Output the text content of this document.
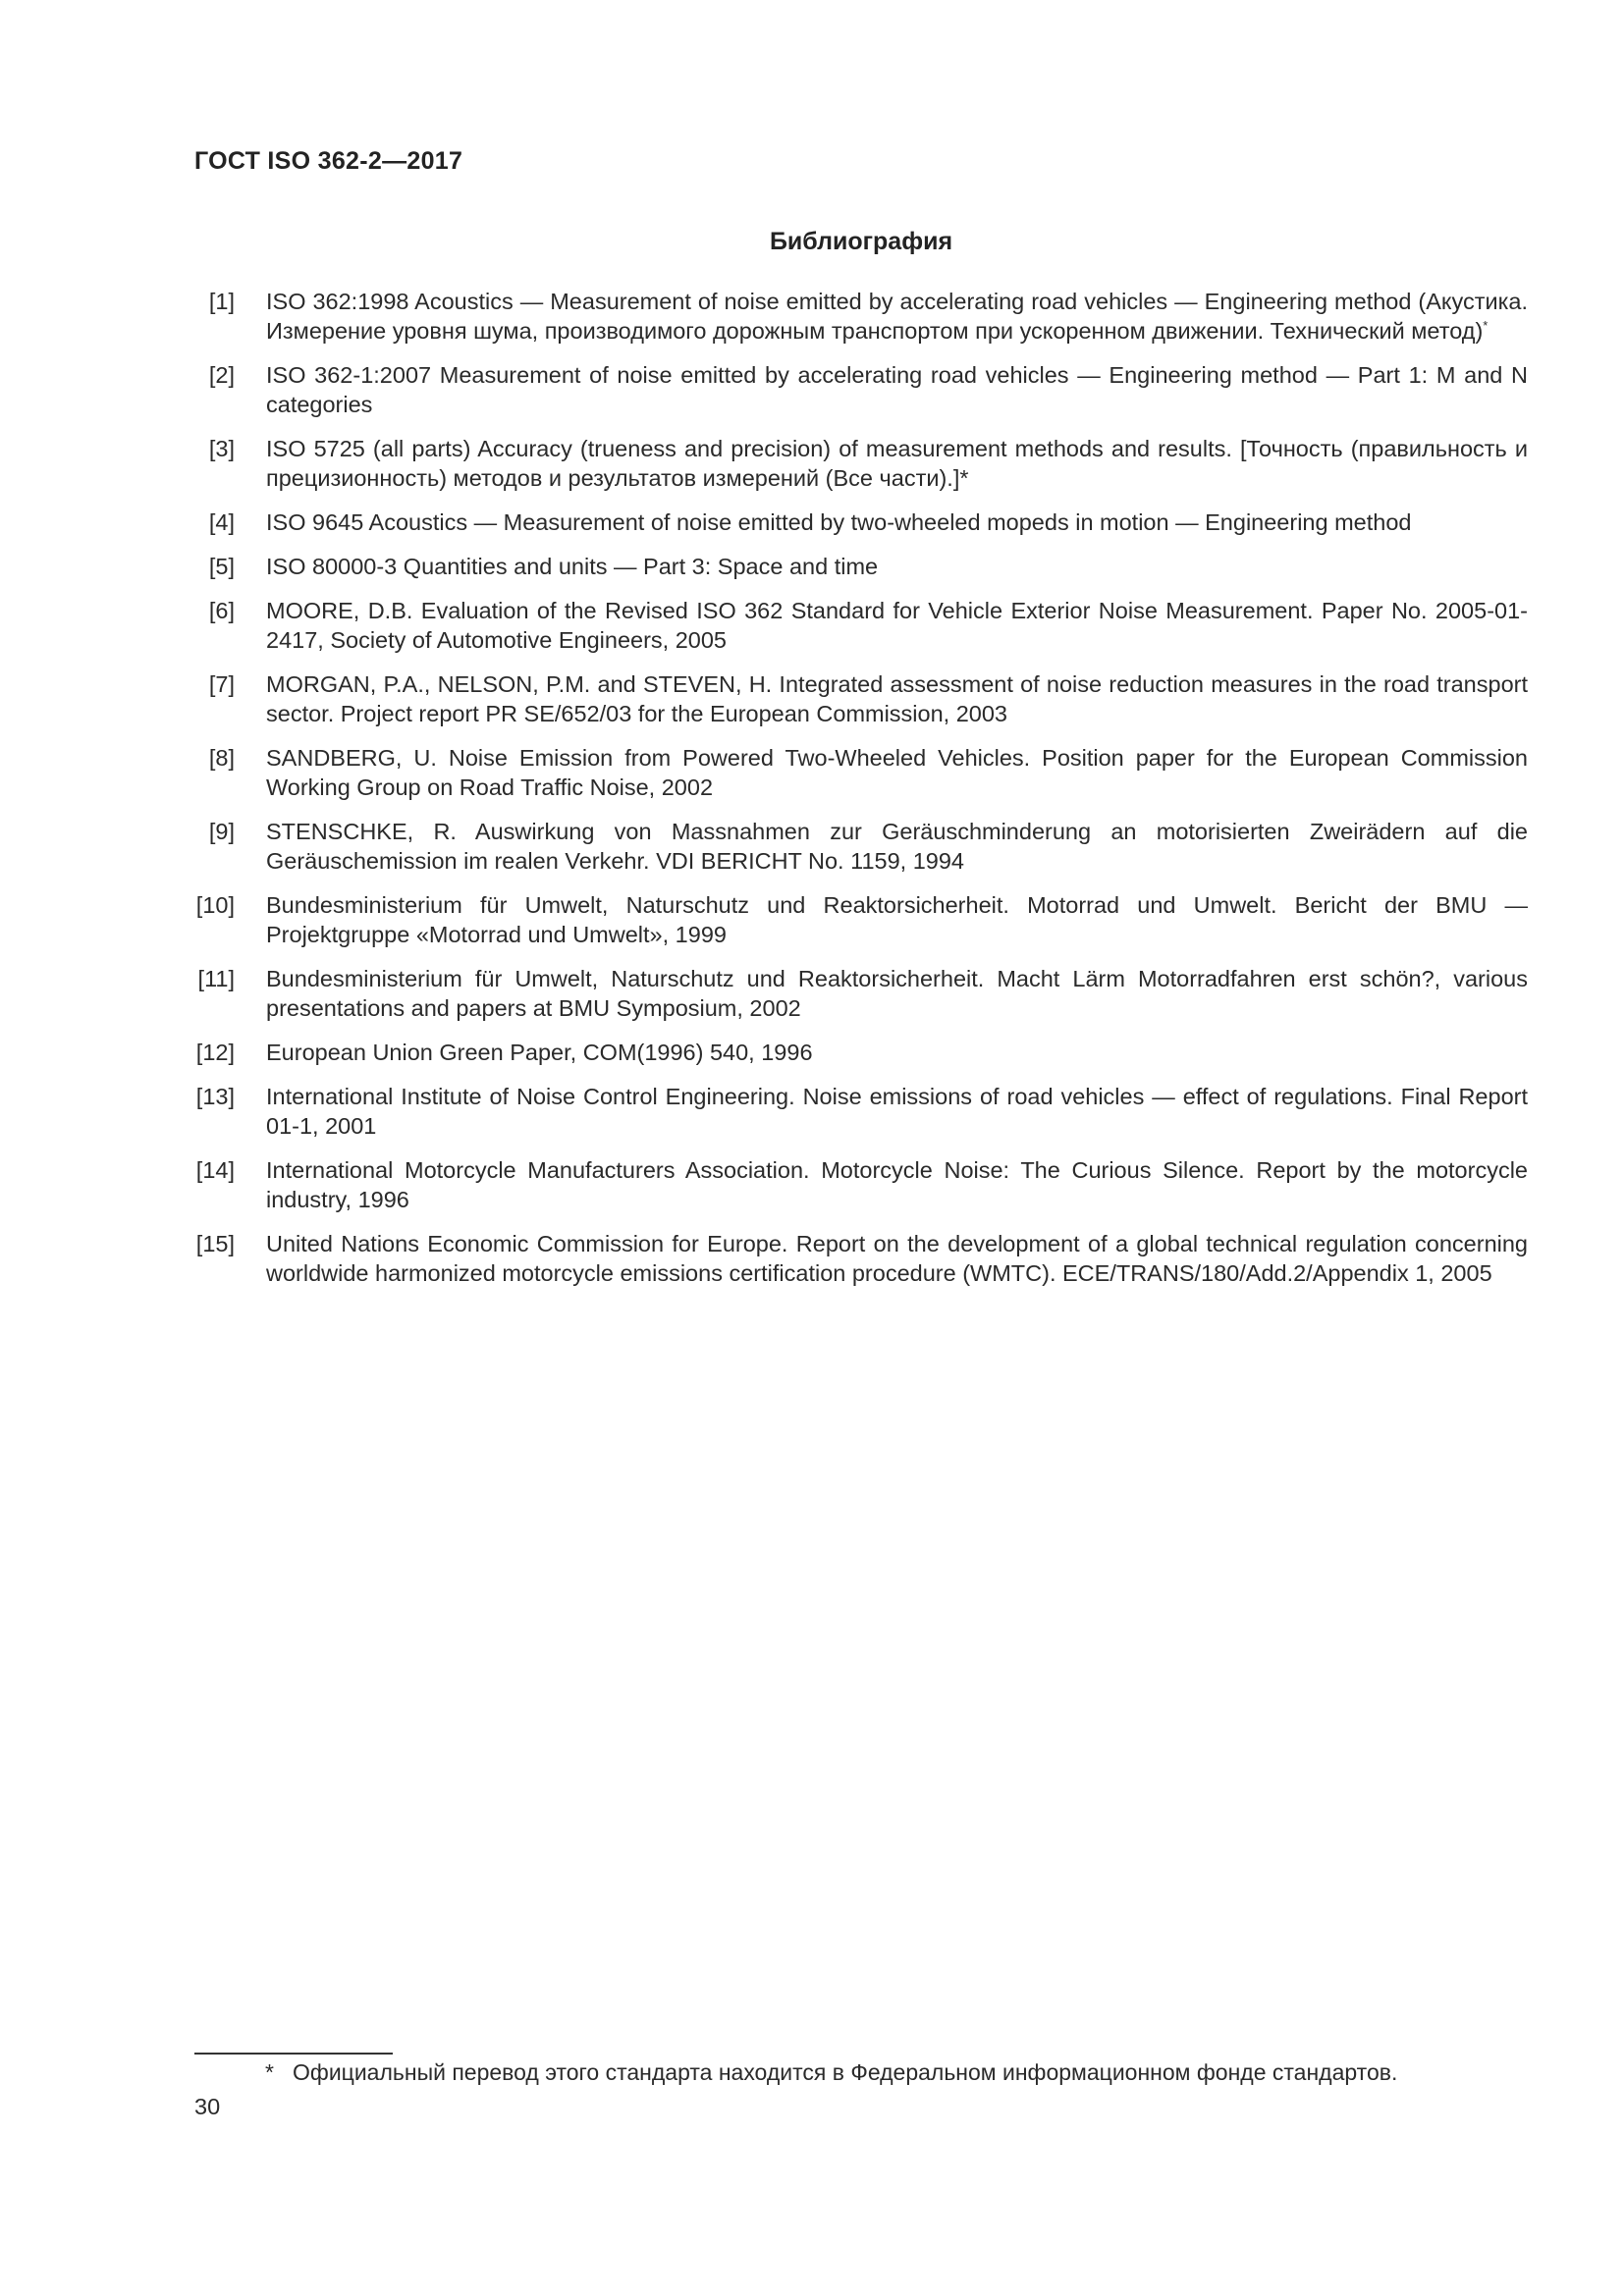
ГОСТ ISO 362-2—2017
Библиография
[1] ISO 362:1998 Acoustics — Measurement of noise emitted by accelerating road vehicles — Engineering method (Акустика. Измерение уровня шума, производимого дорожным транспортом при ускоренном движении. Технический метод)*
[2] ISO 362-1:2007 Measurement of noise emitted by accelerating road vehicles — Engineering method — Part 1: M and N categories
[3] ISO 5725 (all parts) Accuracy (trueness and precision) of measurement methods and results. [Точность (правильность и прецизионность) методов и результатов измерений (Все части).]*
[4] ISO 9645 Acoustics — Measurement of noise emitted by two-wheeled mopeds in motion — Engineering method
[5] ISO 80000-3 Quantities and units — Part 3: Space and time
[6] MOORE, D.B. Evaluation of the Revised ISO 362 Standard for Vehicle Exterior Noise Measurement. Paper No. 2005-01-2417, Society of Automotive Engineers, 2005
[7] MORGAN, P.A., NELSON, P.M. and STEVEN, H. Integrated assessment of noise reduction measures in the road transport sector. Project report PR SE/652/03 for the European Commission, 2003
[8] SANDBERG, U. Noise Emission from Powered Two-Wheeled Vehicles. Position paper for the European Commission Working Group on Road Traffic Noise, 2002
[9] STENSCHKE, R. Auswirkung von Massnahmen zur Geräuschminderung an motorisierten Zweirädern auf die Geräuschemission im realen Verkehr. VDI BERICHT No. 1159, 1994
[10] Bundesministerium für Umwelt, Naturschutz und Reaktorsicherheit. Motorrad und Umwelt. Bericht der BMU — Projektgruppe «Motorrad und Umwelt», 1999
[11] Bundesministerium für Umwelt, Naturschutz und Reaktorsicherheit. Macht Lärm Motorradfahren erst schön?, various presentations and papers at BMU Symposium, 2002
[12] European Union Green Paper, COM(1996) 540, 1996
[13] International Institute of Noise Control Engineering. Noise emissions of road vehicles — effect of regulations. Final Report 01-1, 2001
[14] International Motorcycle Manufacturers Association. Motorcycle Noise: The Curious Silence. Report by the motorcycle industry, 1996
[15] United Nations Economic Commission for Europe. Report on the development of a global technical regulation concerning worldwide harmonized motorcycle emissions certification procedure (WMTC). ECE/TRANS/180/Add.2/Appendix 1, 2005
* Официальный перевод этого стандарта находится в Федеральном информационном фонде стандартов.
30
